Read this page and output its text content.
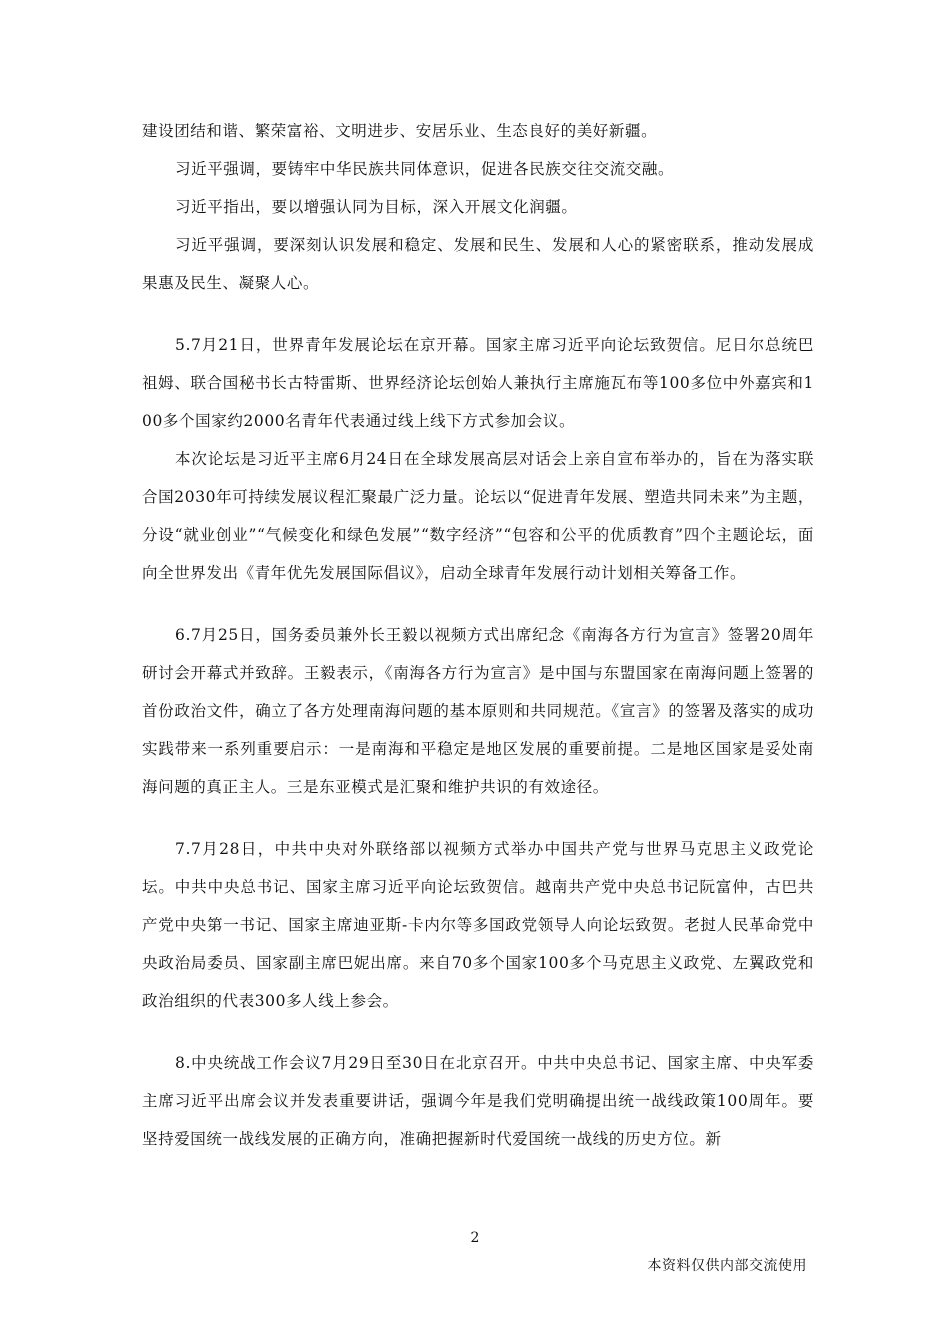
建设团结和谐、繁荣富裕、文明进步、安居乐业、生态良好的美好新疆。

习近平强调，要铸牢中华民族共同体意识，促进各民族交往交流交融。

习近平指出，要以增强认同为目标，深入开展文化润疆。

习近平强调，要深刻认识发展和稳定、发展和民生、发展和人心的紧密联系，推动发展成果惠及民生、凝聚人心。

5.7月21日，世界青年发展论坛在京开幕。国家主席习近平向论坛致贺信。尼日尔总统巴祖姆、联合国秘书长古特雷斯、世界经济论坛创始人兼执行主席施瓦布等100多位中外嘉宾和100多个国家约2000名青年代表通过线上线下方式参加会议。

本次论坛是习近平主席6月24日在全球发展高层对话会上亲自宣布举办的，旨在为落实联合国2030年可持续发展议程汇聚最广泛力量。论坛以“促进青年发展、塑造共同未来”为主题，分设“就业创业”“气候变化和绿色发展”“数字经济”“包容和公平的优质教育”四个主题论坛，面向全世界发出《青年优先发展国际倡议》，启动全球青年发展行动计划相关筹备工作。

6.7月25日，国务委员兼外长王毅以视频方式出席纪念《南海各方行为宣言》签署20周年研讨会开幕式并致辞。王毅表示，《南海各方行为宣言》是中国与东盟国家在南海问题上签署的首份政治文件，确立了各方处理南海问题的基本原则和共同规范。《宣言》的签署及落实的成功实践带来一系列重要启示：一是南海和平稳定是地区发展的重要前提。二是地区国家是妥处南海问题的真正主人。三是东亚模式是汇聚和维护共识的有效途径。

7.7月28日，中共中央对外联络部以视频方式举办中国共产党与世界马克思主义政党论坛。中共中央总书记、国家主席习近平向论坛致贺信。越南共产党中央总书记阮富仲，古巴共产党中央第一书记、国家主席迪亚斯-卡内尔等多国政党领导人向论坛致贺。老挝人民革命党中央政治局委员、国家副主席巴妮出席。来自70多个国家100多个马克思主义政党、左翼政党和政治组织的代表300多人线上参会。

8.中央统战工作会议7月29日至30日在北京召开。中共中央总书记、国家主席、中央军委主席习近平出席会议并发表重要讲话，强调今年是我们党明确提出统一战线政策100周年。要坚持爱国统一战线发展的正确方向，准确把握新时代爱国统一战线的历史方位。新

2
本资料仅供内部交流使用
